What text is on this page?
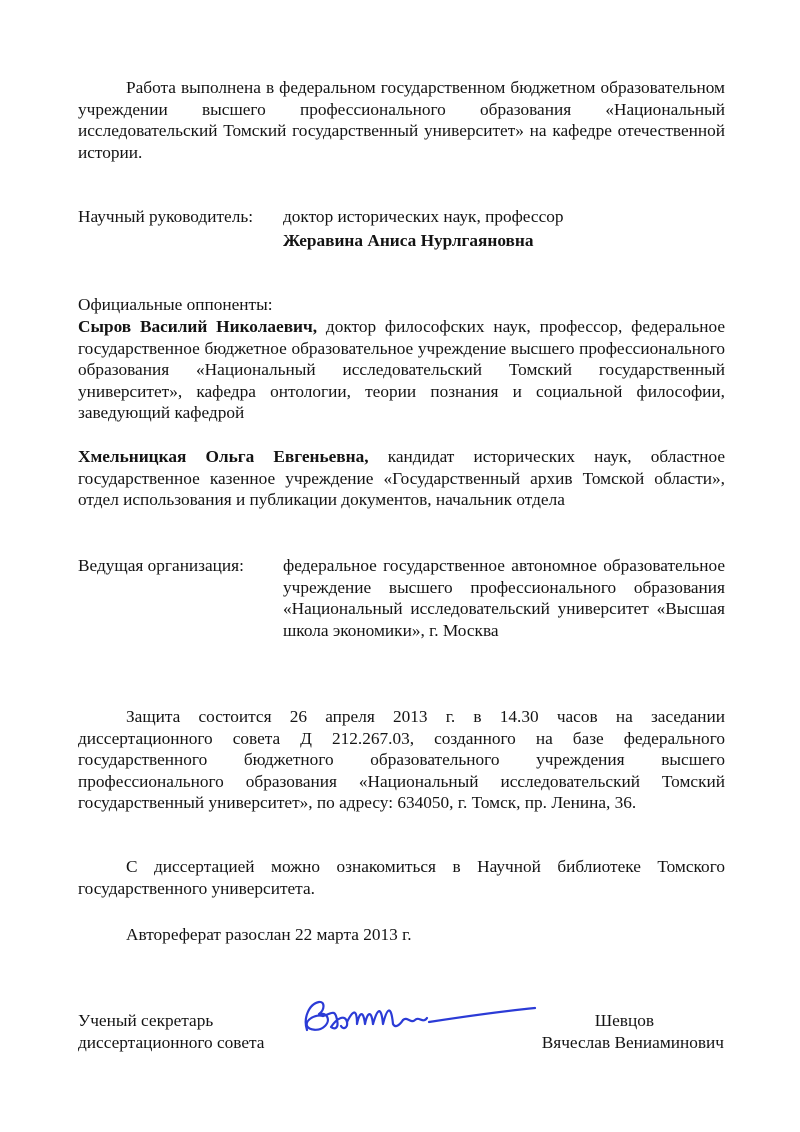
Работа выполнена в федеральном государственном бюджетном образовательном учреждении высшего профессионального образования «Национальный исследовательский Томский государственный университет» на кафедре отечественной истории.

Научный руководитель: доктор исторических наук, профессор
Жеравина Аниса Нурлгаяновна
Официальные оппоненты:

Сыров Василий Николаевич, доктор философских наук, профессор, федеральное государственное бюджетное образовательное учреждение высшего профессионального образования «Национальный исследовательский Томский государственный университет», кафедра онтологии, теории познания и социальной философии, заведующий кафедрой

Хмельницкая Ольга Евгеньевна, кандидат исторических наук, областное государственное казенное учреждение «Государственный архив Томской области», отдел использования и публикации документов, начальник отдела

Ведущая организация: федеральное государственное автономное образовательное учреждение высшего профессионального образования «Национальный исследовательский университет «Высшая школа экономики», г. Москва

Защита состоится 26 апреля 2013 г. в 14.30 часов на заседании диссертационного совета Д 212.267.03, созданного на базе федерального государственного бюджетного образовательного учреждения высшего профессионального образования «Национальный исследовательский Томский государственный университет», по адресу: 634050, г. Томск, пр. Ленина, 36.

С диссертацией можно ознакомиться в Научной библиотеке Томского государственного университета.

Автореферат разослан 22 марта 2013 г.

Ученый секретарь
диссертационного совета
Шевцов
Вячеслав Вениаминович
